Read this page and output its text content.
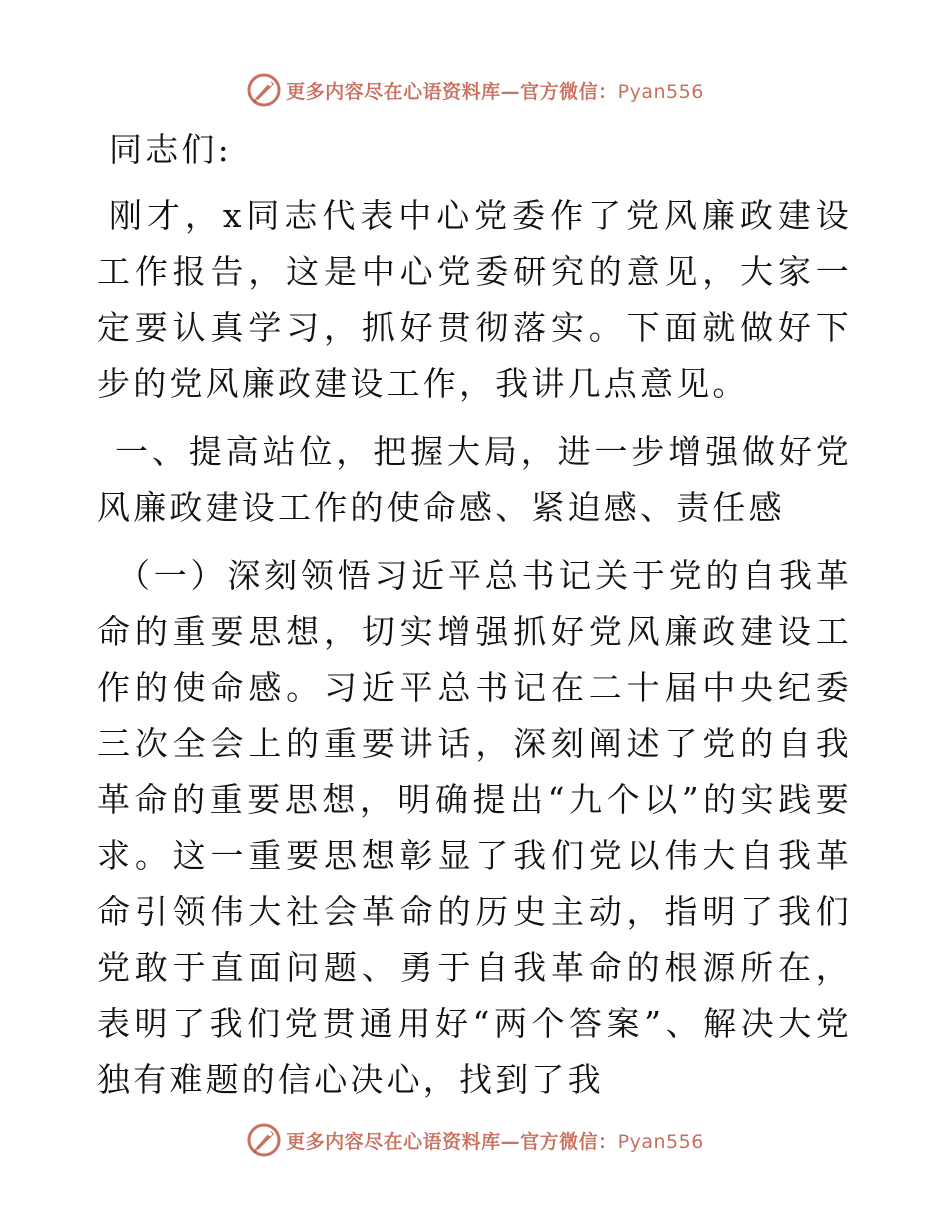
更多内容尽在心语资料库—官方微信：Pyan556

同志们:

刚才，x同志代表中心党委作了党风廉政建设工作报告，这是中心党委研究的意见，大家一定要认真学习，抓好贯彻落实。下面就做好下步的党风廉政建设工作，我讲几点意见。

一、提高站位，把握大局，进一步增强做好党风廉政建设工作的使命感、紧迫感、责任感

（一）深刻领悟习近平总书记关于党的自我革命的重要思想，切实增强抓好党风廉政建设工作的使命感。习近平总书记在二十届中央纪委三次全会上的重要讲话，深刻阐述了党的自我革命的重要思想，明确提出“九个以”的实践要求。这一重要思想彰显了我们党以伟大自我革命引领伟大社会革命的历史主动，指明了我们党敢于直面问题、勇于自我革命的根源所在，表明了我们党贯通用好“两个答案”、解决大党独有难题的信心决心，找到了我

更多内容尽在心语资料库—官方微信：Pyan556
